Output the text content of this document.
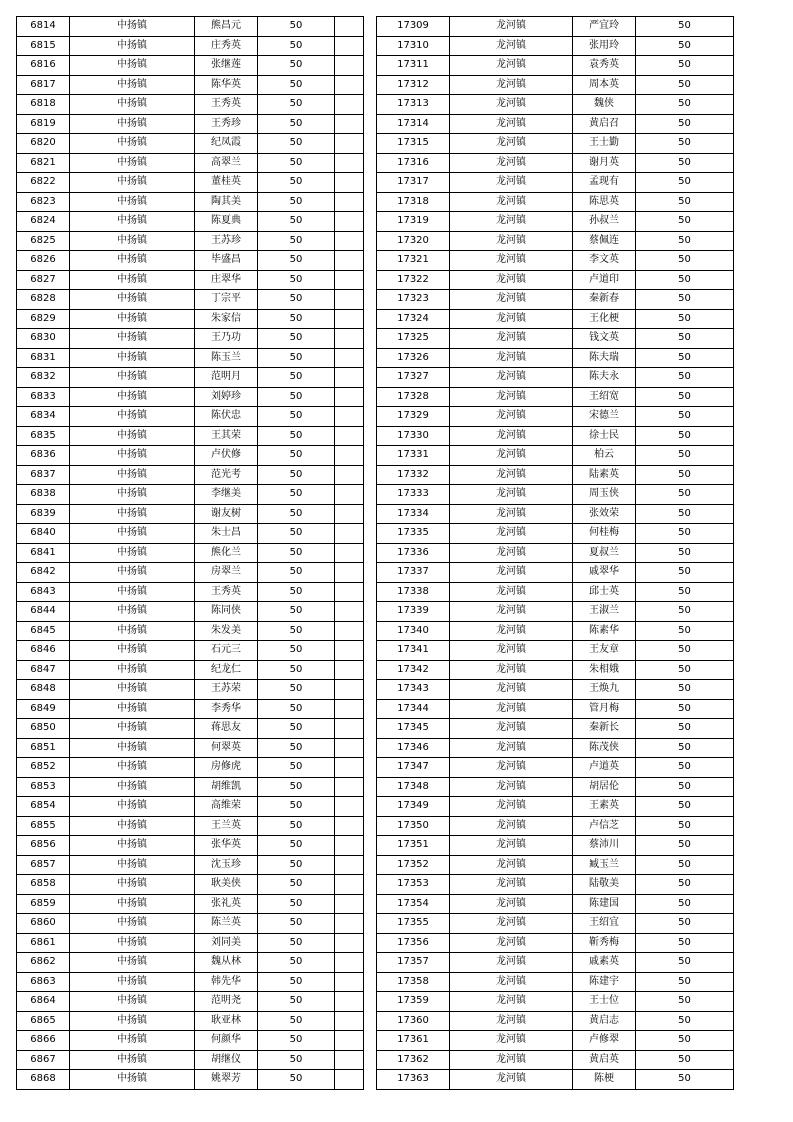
6814	中扬镇	熊昌元	50	
6815	中扬镇	庄秀英	50	
6816	中扬镇	张继莲	50	
6817	中扬镇	陈华英	50	
6818	中扬镇	王秀英	50	
6819	中扬镇	王秀珍	50	
6820	中扬镇	纪凤霞	50	
6821	中扬镇	高翠兰	50	
6822	中扬镇	董桂英	50	
6823	中扬镇	陶其美	50	
6824	中扬镇	陈夏典	50	
6825	中扬镇	王苏珍	50	
6826	中扬镇	毕盛昌	50	
6827	中扬镇	庄翠华	50	
6828	中扬镇	丁宗平	50	
6829	中扬镇	朱家信	50	
6830	中扬镇	王乃功	50	
6831	中扬镇	陈玉兰	50	
6832	中扬镇	范明月	50	
6833	中扬镇	刘婷珍	50	
6834	中扬镇	陈伏忠	50	
6835	中扬镇	王其荣	50	
6836	中扬镇	卢伏修	50	
6837	中扬镇	范光考	50	
6838	中扬镇	李继美	50	
6839	中扬镇	谢友树	50	
6840	中扬镇	朱士昌	50	
6841	中扬镇	熊化兰	50	
6842	中扬镇	房翠兰	50	
6843	中扬镇	王秀英	50	
6844	中扬镇	陈同侠	50	
6845	中扬镇	朱发美	50	
6846	中扬镇	石元三	50	
6847	中扬镇	纪龙仁	50	
6848	中扬镇	王苏荣	50	
6849	中扬镇	李秀华	50	
6850	中扬镇	蒋思友	50	
6851	中扬镇	何翠英	50	
6852	中扬镇	房修虎	50	
6853	中扬镇	胡维凯	50	
6854	中扬镇	高维荣	50	
6855	中扬镇	王兰英	50	
6856	中扬镇	张华英	50	
6857	中扬镇	沈玉珍	50	
6858	中扬镇	耿美侠	50	
6859	中扬镇	张礼英	50	
6860	中扬镇	陈兰英	50	
6861	中扬镇	刘同美	50	
6862	中扬镇	魏从林	50	
6863	中扬镇	韩先华	50	
6864	中扬镇	范明尧	50	
6865	中扬镇	耿亚林	50	
6866	中扬镇	何颜华	50	
6867	中扬镇	胡继仪	50	
6868	中扬镇	姚翠芳	50	
17309	龙河镇	严宜玲	50
17310	龙河镇	张用玲	50
17311	龙河镇	袁秀英	50
17312	龙河镇	周本英	50
17313	龙河镇	魏侠	50
17314	龙河镇	黄启召	50
17315	龙河镇	王士勤	50
17316	龙河镇	谢月英	50
17317	龙河镇	孟现有	50
17318	龙河镇	陈思英	50
17319	龙河镇	孙叔兰	50
17320	龙河镇	蔡佩连	50
17321	龙河镇	李文英	50
17322	龙河镇	卢道印	50
17323	龙河镇	秦新春	50
17324	龙河镇	王化梗	50
17325	龙河镇	钱文英	50
17326	龙河镇	陈夫瑞	50
17327	龙河镇	陈夫永	50
17328	龙河镇	王绍宽	50
17329	龙河镇	宋德兰	50
17330	龙河镇	徐士民	50
17331	龙河镇	柏云	50
17332	龙河镇	陆素英	50
17333	龙河镇	周玉侠	50
17334	龙河镇	张效荣	50
17335	龙河镇	何桂梅	50
17336	龙河镇	夏叔兰	50
17337	龙河镇	戚翠华	50
17338	龙河镇	邱士英	50
17339	龙河镇	王淑兰	50
17340	龙河镇	陈素华	50
17341	龙河镇	王友章	50
17342	龙河镇	朱相娥	50
17343	龙河镇	王焕九	50
17344	龙河镇	管月梅	50
17345	龙河镇	秦新长	50
17346	龙河镇	陈茂侠	50
17347	龙河镇	卢道英	50
17348	龙河镇	胡居伦	50
17349	龙河镇	王素英	50
17350	龙河镇	卢信芝	50
17351	龙河镇	蔡沛川	50
17352	龙河镇	臧玉兰	50
17353	龙河镇	陆敬美	50
17354	龙河镇	陈建国	50
17355	龙河镇	王绍宜	50
17356	龙河镇	靳秀梅	50
17357	龙河镇	戚素英	50
17358	龙河镇	陈建宇	50
17359	龙河镇	王士位	50
17360	龙河镇	黄启志	50
17361	龙河镇	卢修翠	50
17362	龙河镇	黄启英	50
17363	龙河镇	陈梗	50
